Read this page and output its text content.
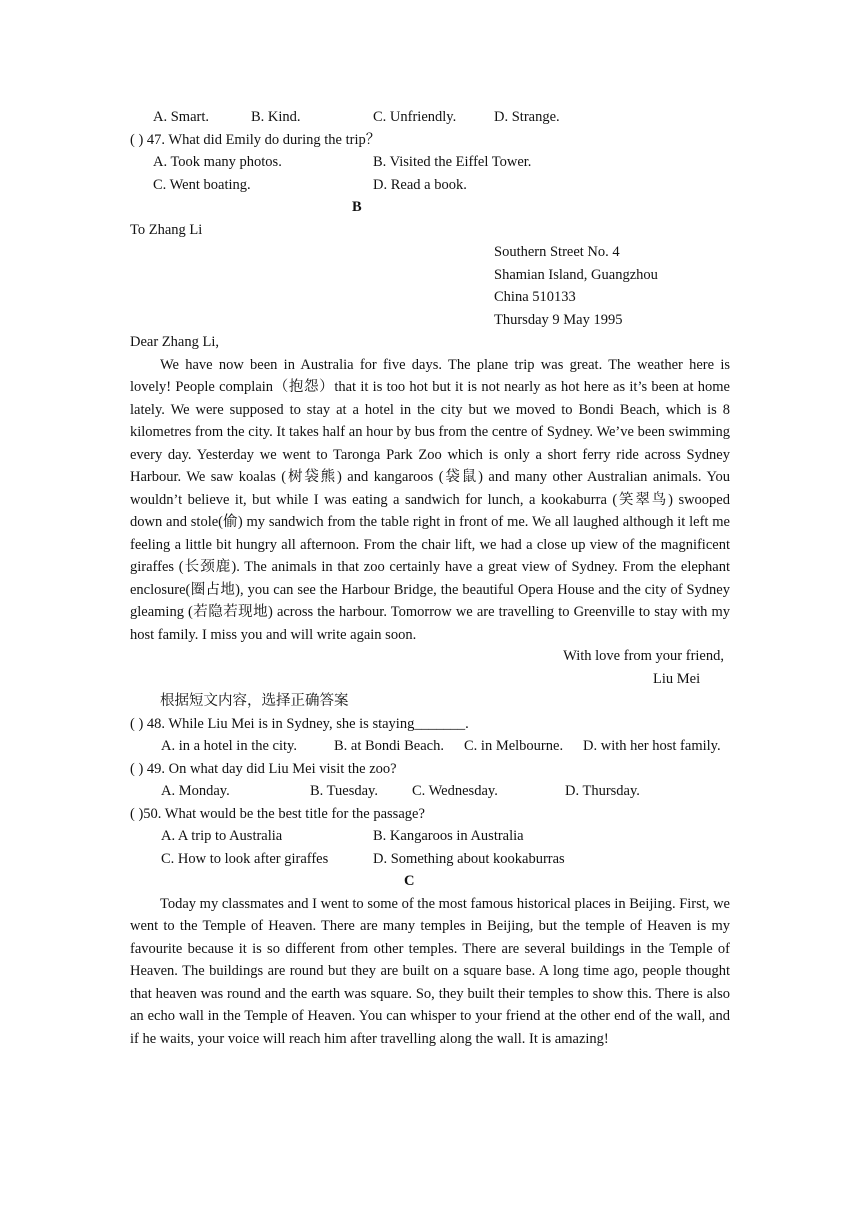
A. Smart.	B. Kind.	C. Unfriendly.	D. Strange.
( ) 47. What did Emily do during the trip？
A. Took many photos.	B. Visited the Eiffel Tower.
C. Went boating.	D. Read a book.
B
To Zhang Li
Southern Street No. 4
Shamian Island, Guangzhou
China 510133
Thursday 9 May 1995
Dear Zhang Li,

We have now been in Australia for five days. The plane trip was great. The weather here is lovely! People complain（抱怨）that it is too hot but it is not nearly as hot here as it’s been at home lately. We were supposed to stay at a hotel in the city but we moved to Bondi Beach, which is 8 kilometres from the city. It takes half an hour by bus from the centre of Sydney. We’ve been swimming every day. Yesterday we went to Taronga Park Zoo which is only a short ferry ride across Sydney Harbour. We saw koalas (树袋熊) and kangaroos (袋鼠) and many other Australian animals. You wouldn’t believe it, but while I was eating a sandwich for lunch, a kookaburra (笑翠鸟) swooped down and stole(偷) my sandwich from the table right in front of me. We all laughed although it left me feeling a little bit hungry all afternoon. From the chair lift, we had a close up view of the magnificent giraffes (长颈鹿). The animals in that zoo certainly have a great view of Sydney. From the elephant enclosure(圈占地), you can see the Harbour Bridge, the beautiful Opera House and the city of Sydney gleaming (若隐若现地) across the harbour. Tomorrow we are travelling to Greenville to stay with my host family. I miss you and will write again soon.

With love from your friend,
Liu Mei
根据短文内容，选择正确答案
( ) 48. While Liu Mei is in Sydney, she is staying_______.
A. in a hotel in the city.	B. at Bondi Beach. C. in Melbourne. D. with her host family.
( ) 49. On what day did Liu Mei visit the zoo?
A. Monday.	B. Tuesday. C. Wednesday.	D. Thursday.
( )50. What would be the best title for the passage?
A. A trip to Australia	B. Kangaroos in Australia
C. How to look after giraffes	D. Something about kookaburras
C

Today my classmates and I went to some of the most famous historical places in Beijing. First, we went to the Temple of Heaven. There are many temples in Beijing, but the temple of Heaven is my favourite because it is so different from other temples. There are several buildings in the Temple of Heaven. The buildings are round but they are built on a square base. A long time ago, people thought that heaven was round and the earth was square. So, they built their temples to show this. There is also an echo wall in the Temple of Heaven. You can whisper to your friend at the other end of the wall, and if he waits, your voice will reach him after travelling along the wall. It is amazing!
